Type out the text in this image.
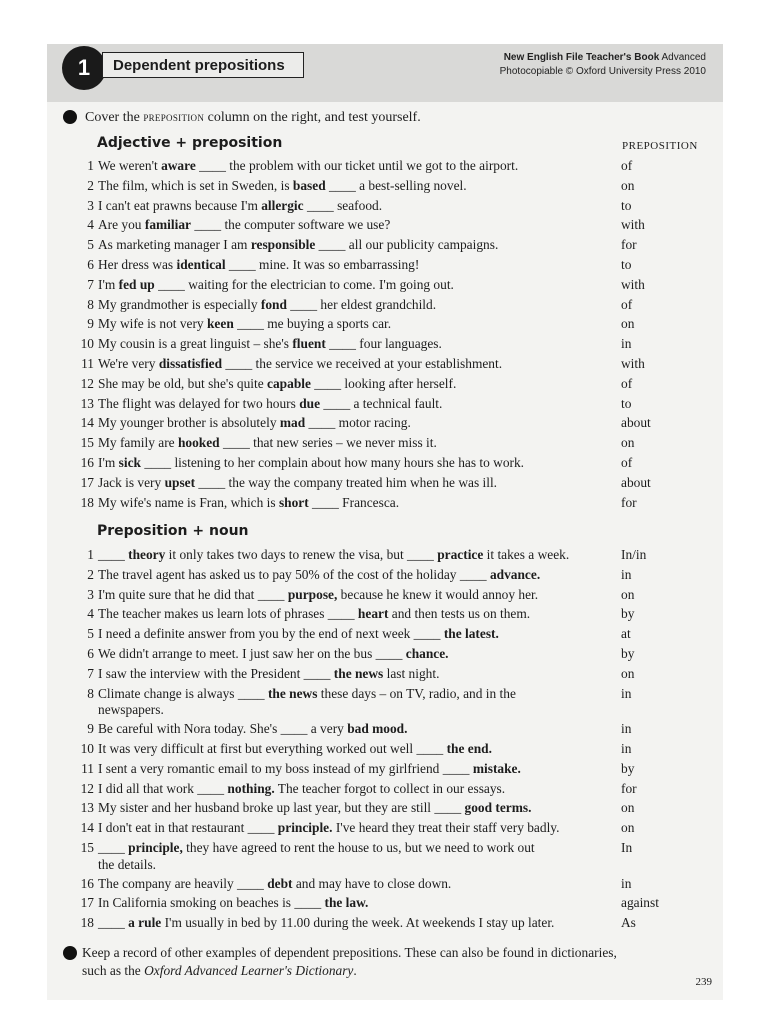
1	Dependent prepositions	New English File Teacher's Book Advanced
Photocopiable © Oxford University Press 2010
Cover the preposition column on the right, and test yourself.
PREPOSITION
Adjective + preposition
1 We weren't aware ____ the problem with our ticket until we got to the airport.	of
2 The film, which is set in Sweden, is based ____ a best-selling novel.	on
3 I can't eat prawns because I'm allergic ____ seafood.	to
4 Are you familiar ____ the computer software we use?	with
5 As marketing manager I am responsible ____ all our publicity campaigns.	for
6 Her dress was identical ____ mine. It was so embarrassing!	to
7 I'm fed up ____ waiting for the electrician to come. I'm going out.	with
8 My grandmother is especially fond ____ her eldest grandchild.	of
9 My wife is not very keen ____ me buying a sports car.	on
10 My cousin is a great linguist – she's fluent ____ four languages.	in
11 We're very dissatisfied ____ the service we received at your establishment.	with
12 She may be old, but she's quite capable ____ looking after herself.	of
13 The flight was delayed for two hours due ____ a technical fault.	to
14 My younger brother is absolutely mad ____ motor racing.	about
15 My family are hooked ____ that new series – we never miss it.	on
16 I'm sick ____ listening to her complain about how many hours she has to work.	of
17 Jack is very upset ____ the way the company treated him when he was ill.	about
18 My wife's name is Fran, which is short ____ Francesca.	for
Preposition + noun
1 ____ theory it only takes two days to renew the visa, but ____ practice it takes a week.	In/in
2 The travel agent has asked us to pay 50% of the cost of the holiday ____ advance.	in
3 I'm quite sure that he did that ____ purpose, because he knew it would annoy her.	on
4 The teacher makes us learn lots of phrases ____ heart and then tests us on them.	by
5 I need a definite answer from you by the end of next week ____ the latest.	at
6 We didn't arrange to meet. I just saw her on the bus ____ chance.	by
7 I saw the interview with the President ____ the news last night.	on
8 Climate change is always ____ the news these days – on TV, radio, and in the	in
newspapers.
9 Be careful with Nora today. She's ____ a very bad mood.	in
10 It was very difficult at first but everything worked out well ____ the end.	in
11 I sent a very romantic email to my boss instead of my girlfriend ____ mistake.	by
12 I did all that work ____ nothing. The teacher forgot to collect in our essays.	for
13 My sister and her husband broke up last year, but they are still ____ good terms.	on
14 I don't eat in that restaurant ____ principle. I've heard they treat their staff very badly.	on
15 ____ principle, they have agreed to rent the house to us, but we need to work out	In
the details.
16 The company are heavily ____ debt and may have to close down.	in
17 In California smoking on beaches is ____ the law.	against
18 ____ a rule I'm usually in bed by 11.00 during the week. At weekends I stay up later.	As
Keep a record of other examples of dependent prepositions. These can also be found in dictionaries,
such as the Oxford Advanced Learner's Dictionary.
239
